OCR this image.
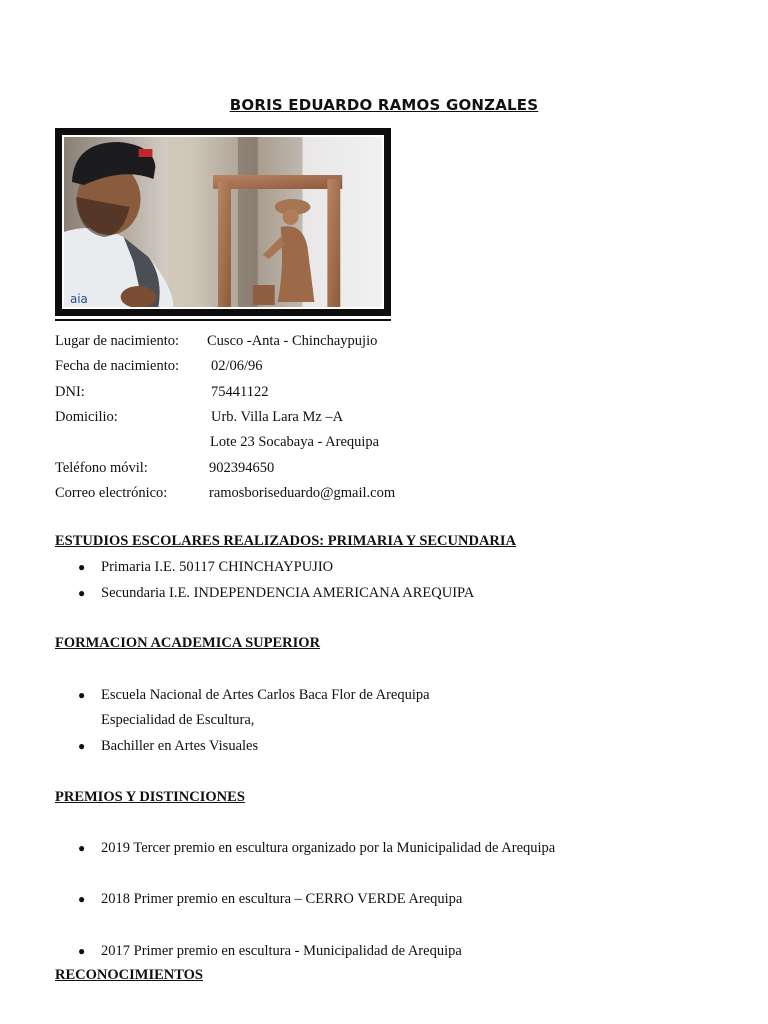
BORIS EDUARDO RAMOS GONZALES
aia
Lugar de nacimiento:	Cusco -Anta - Chinchaypujio
Fecha de nacimiento:	02/06/96
DNI:	75441122
Domicilio:	Urb. Villa Lara Mz –A
Lote 23 Socabaya - Arequipa
Teléfono móvil:	902394650
Correo electrónico:	ramosboriseduardo@gmail.com
ESTUDIOS ESCOLARES REALIZADOS: PRIMARIA Y SECUNDARIA
●	Primaria I.E. 50117 CHINCHAYPUJIO
●	Secundaria I.E. INDEPENDENCIA AMERICANA AREQUIPA
FORMACION ACADEMICA SUPERIOR
●	Escuela Nacional de Artes Carlos Baca Flor de Arequipa
Especialidad de Escultura,
●	Bachiller en Artes Visuales
PREMIOS Y DISTINCIONES
●	2019 Tercer premio en escultura organizado por la Municipalidad de Arequipa
●	2018 Primer premio en escultura – CERRO VERDE Arequipa
●	2017 Primer premio en escultura - Municipalidad de Arequipa
RECONOCIMIENTOS
